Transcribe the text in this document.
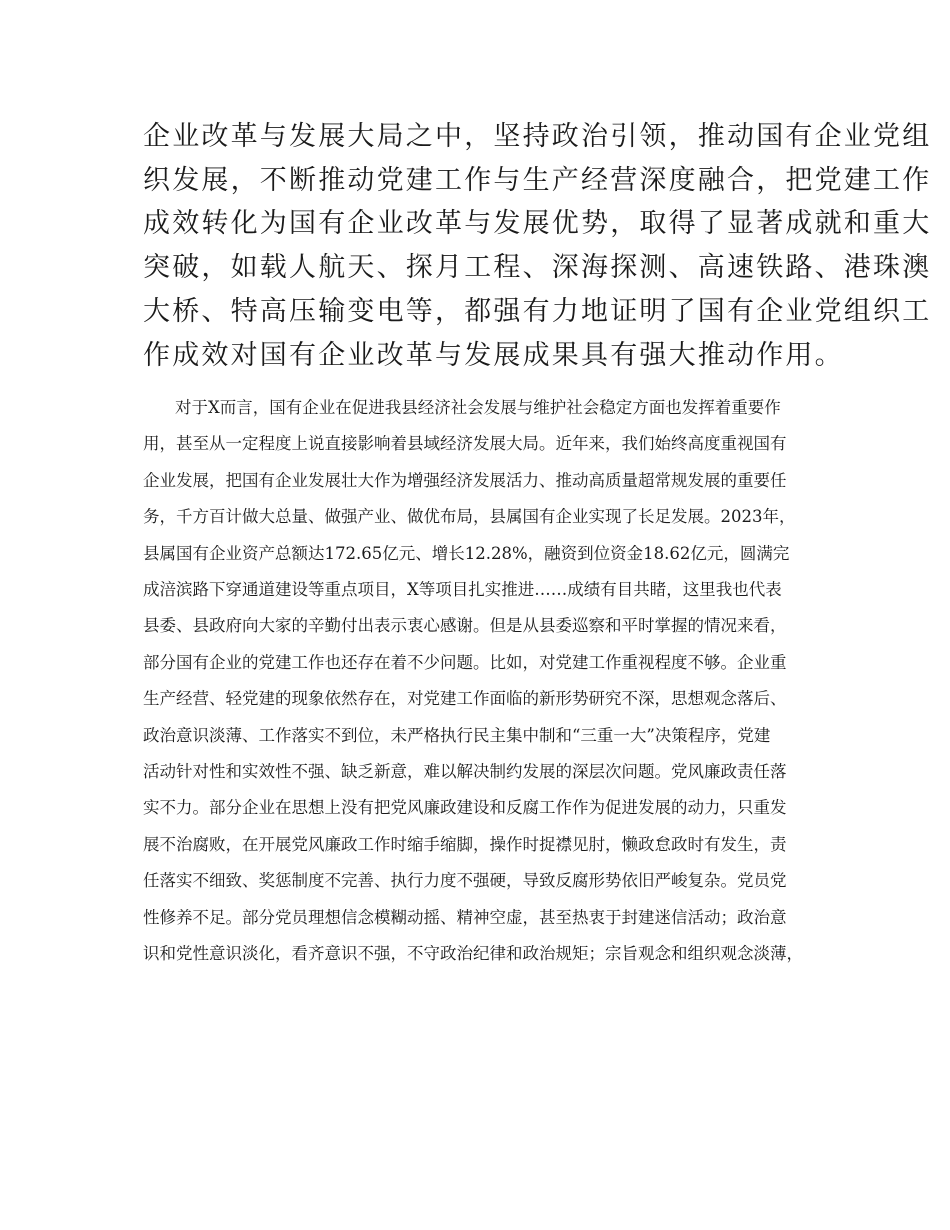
企业改革与发展大局之中，坚持政治引领，推动国有企业党组
织发展，不断推动党建工作与生产经营深度融合，把党建工作
成效转化为国有企业改革与发展优势，取得了显著成就和重大
突破，如载人航天、探月工程、深海探测、高速铁路、港珠澳
大桥、特高压输变电等，都强有力地证明了国有企业党组织工
作成效对国有企业改革与发展成果具有强大推动作用。

对于X而言，国有企业在促进我县经济社会发展与维护社会稳定方面也发挥着重要作
用，甚至从一定程度上说直接影响着县域经济发展大局。近年来，我们始终高度重视国有
企业发展，把国有企业发展壮大作为增强经济发展活力、推动高质量超常规发展的重要任
务，千方百计做大总量、做强产业、做优布局，县属国有企业实现了长足发展。2023年，
县属国有企业资产总额达172.65亿元、增长12.28%，融资到位资金18.62亿元，圆满完
成涪滨路下穿通道建设等重点项目，X等项目扎实推进……成绩有目共睹，这里我也代表
县委、县政府向大家的辛勤付出表示衷心感谢。但是从县委巡察和平时掌握的情况来看，
部分国有企业的党建工作也还存在着不少问题。比如，对党建工作重视程度不够。企业重
生产经营、轻党建的现象依然存在，对党建工作面临的新形势研究不深，思想观念落后、
政治意识淡薄、工作落实不到位，未严格执行民主集中制和“三重一大”决策程序，党建
活动针对性和实效性不强、缺乏新意，难以解决制约发展的深层次问题。党风廉政责任落
实不力。部分企业在思想上没有把党风廉政建设和反腐工作作为促进发展的动力，只重发
展不治腐败，在开展党风廉政工作时缩手缩脚，操作时捉襟见肘，懒政怠政时有发生，责
任落实不细致、奖惩制度不完善、执行力度不强硬，导致反腐形势依旧严峻复杂。党员党
性修养不足。部分党员理想信念模糊动摇、精神空虚，甚至热衷于封建迷信活动；政治意
识和党性意识淡化，看齐意识不强，不守政治纪律和政治规矩；宗旨观念和组织观念淡薄，
